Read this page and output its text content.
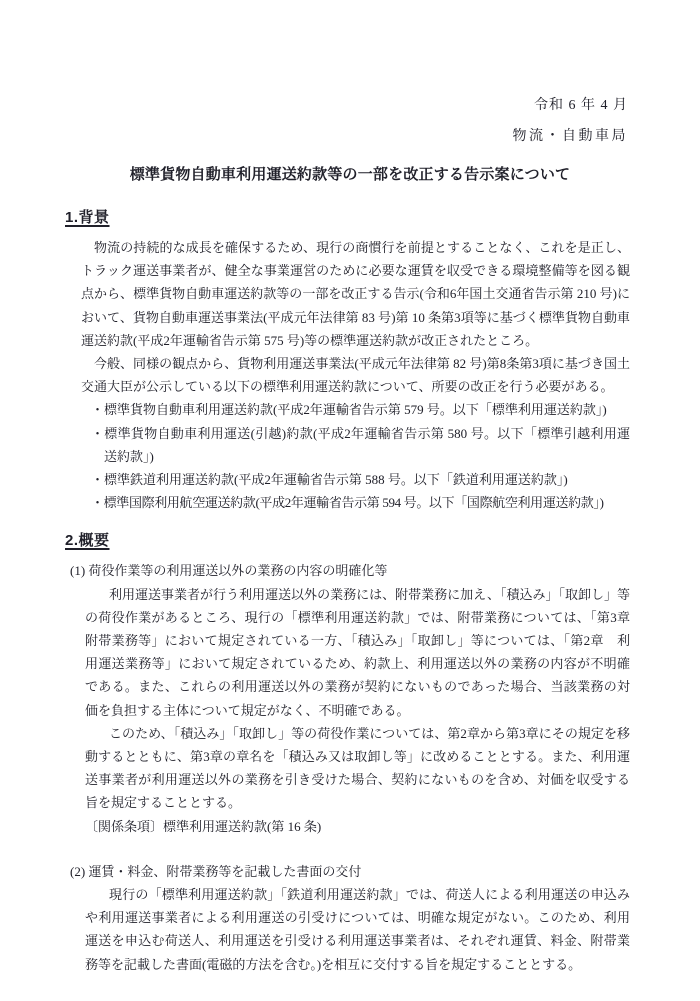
令和 6 年 4 月
物流・自動車局
標準貨物自動車利用運送約款等の一部を改正する告示案について
1.背景

物流の持続的な成長を確保するため、現行の商慣行を前提とすることなく、これを是正し、トラック運送事業者が、健全な事業運営のために必要な運賃を収受できる環境整備等を図る観点から、標準貨物自動車運送約款等の一部を改正する告示(令和6年国土交通省告示第 210 号)において、貨物自動車運送事業法(平成元年法律第 83 号)第 10 条第3項等に基づく標準貨物自動車運送約款(平成2年運輸省告示第 575 号)等の標準運送約款が改正されたところ。

今般、同様の観点から、貨物利用運送事業法(平成元年法律第 82 号)第8条第3項に基づき国土交通大臣が公示している以下の標準利用運送約款について、所要の改正を行う必要がある。

・標準貨物自動車利用運送約款(平成2年運輸省告示第 579 号。以下「標準利用運送約款」)
・標準貨物自動車利用運送(引越)約款(平成2年運輸省告示第 580 号。以下「標準引越利用運送約款」)
・標準鉄道利用運送約款(平成2年運輸省告示第 588 号。以下「鉄道利用運送約款」)
・標準国際利用航空運送約款(平成2年運輸省告示第 594 号。以下「国際航空利用運送約款」)
2.概要
(1) 荷役作業等の利用運送以外の業務の内容の明確化等

利用運送事業者が行う利用運送以外の業務には、附帯業務に加え、「積込み」「取卸し」等の荷役作業があるところ、現行の「標準利用運送約款」では、附帯業務については、「第3章　附帯業務等」において規定されている一方、「積込み」「取卸し」等については、「第2章　利用運送業務等」において規定されているため、約款上、利用運送以外の業務の内容が不明確である。また、これらの利用運送以外の業務が契約にないものであった場合、当該業務の対価を負担する主体について規定がなく、不明確である。

このため、「積込み」「取卸し」等の荷役作業については、第2章から第3章にその規定を移動するとともに、第3章の章名を「積込み又は取卸し等」に改めることとする。また、利用運送事業者が利用運送以外の業務を引き受けた場合、契約にないものを含め、対価を収受する旨を規定することとする。

〔関係条項〕標準利用運送約款(第 16 条)
(2) 運賃・料金、附帯業務等を記載した書面の交付

現行の「標準利用運送約款」「鉄道利用運送約款」では、荷送人による利用運送の申込みや利用運送事業者による利用運送の引受けについては、明確な規定がない。このため、利用運送を申込む荷送人、利用運送を引受ける利用運送事業者は、それぞれ運賃、料金、附帯業務等を記載した書面(電磁的方法を含む。)を相互に交付する旨を規定することとする。
